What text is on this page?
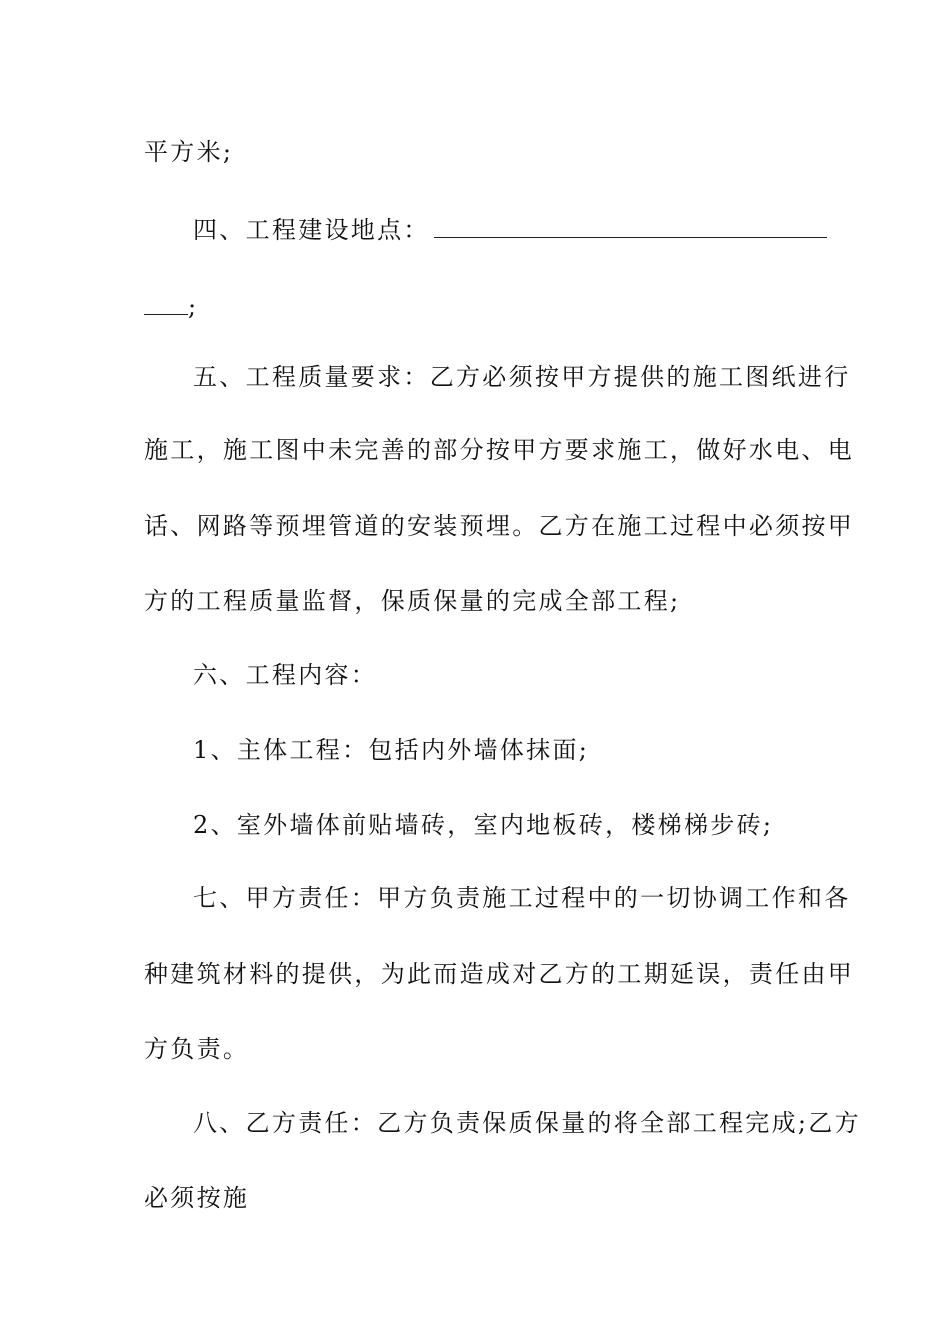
平方米;
四、工程建设地点：
;
五、工程质量要求：乙方必须按甲方提供的施工图纸进行
施工，施工图中未完善的部分按甲方要求施工，做好水电、电
话、网路等预埋管道的安装预埋。乙方在施工过程中必须按甲
方的工程质量监督，保质保量的完成全部工程;
六、工程内容：
1、主体工程：包括内外墙体抹面;
2、室外墙体前贴墙砖，室内地板砖，楼梯梯步砖;
七、甲方责任：甲方负责施工过程中的一切协调工作和各
种建筑材料的提供，为此而造成对乙方的工期延误，责任由甲
方负责。
八、乙方责任：乙方负责保质保量的将全部工程完成;乙方
必须按施
